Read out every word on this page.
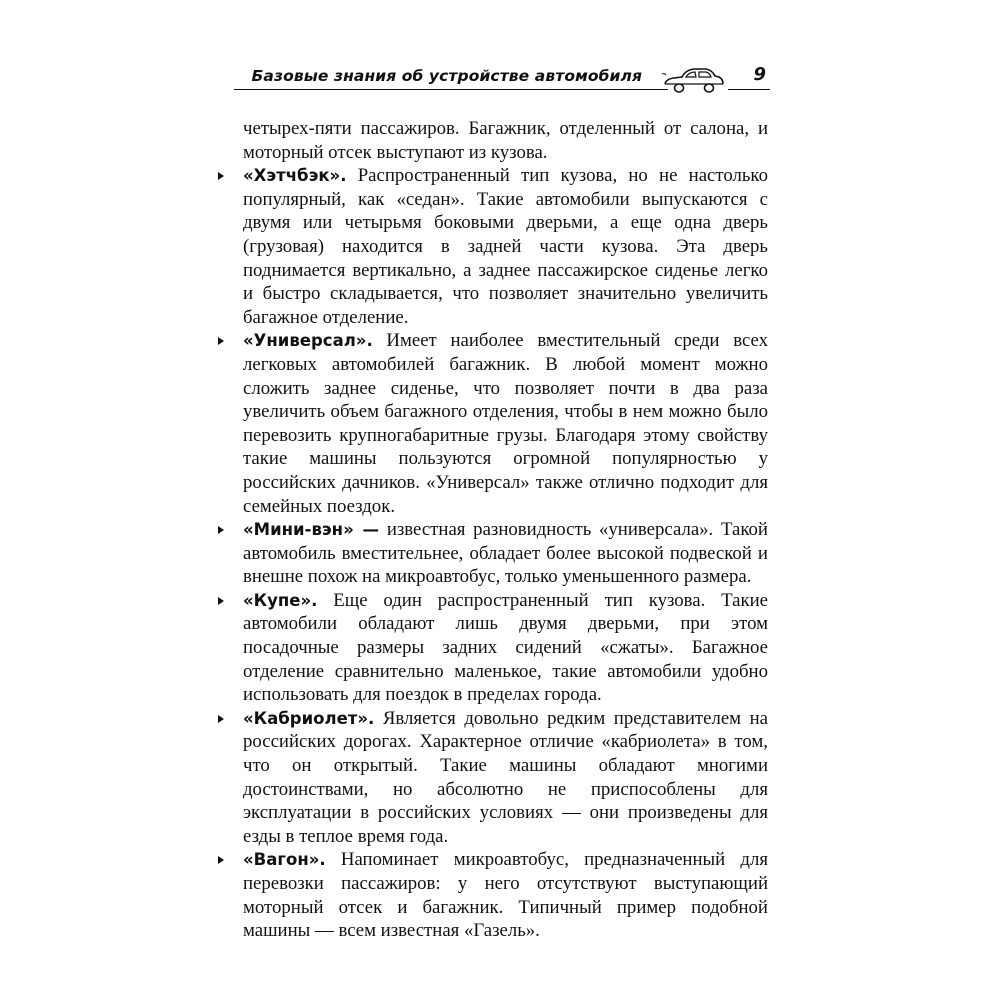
Базовые знания об устройстве автомобиля	9

четырех-пяти пассажиров. Багажник, отделенный от салона, и моторный отсек выступают из кузова.

«Хэтчбэк». Распространенный тип кузова, но не настолько популярный, как «седан». Такие автомобили выпускаются с двумя или четырьмя боковыми дверьми, а еще одна дверь (грузовая) находится в задней части кузова. Эта дверь поднимается вертикально, а заднее пассажирское сиденье легко и быстро складывается, что позволяет значительно увеличить багажное отделение.

«Универсал». Имеет наиболее вместительный среди всех легковых автомобилей багажник. В любой момент можно сложить заднее сиденье, что позволяет почти в два раза увеличить объем багажного отделения, чтобы в нем можно было перевозить крупногабаритные грузы. Благодаря этому свойству такие машины пользуются огромной популярностью у российских дачников. «Универсал» также отлично подходит для семейных поездок.

«Мини-вэн» — известная разновидность «универсала». Такой автомобиль вместительнее, обладает более высокой подвеской и внешне похож на микроавтобус, только уменьшенного размера.

«Купе». Еще один распространенный тип кузова. Такие автомобили обладают лишь двумя дверьми, при этом посадочные размеры задних сидений «сжаты». Багажное отделение сравнительно маленькое, такие автомобили удобно использовать для поездок в пределах города.

«Кабриолет». Является довольно редким представителем на российских дорогах. Характерное отличие «кабриолета» в том, что он открытый. Такие машины обладают многими достоинствами, но абсолютно не приспособлены для эксплуатации в российских условиях — они произведены для езды в теплое время года.

«Вагон». Напоминает микроавтобус, предназначенный для перевозки пассажиров: у него отсутствуют выступающий моторный отсек и багажник. Типичный пример подобной машины — всем известная «Газель».
